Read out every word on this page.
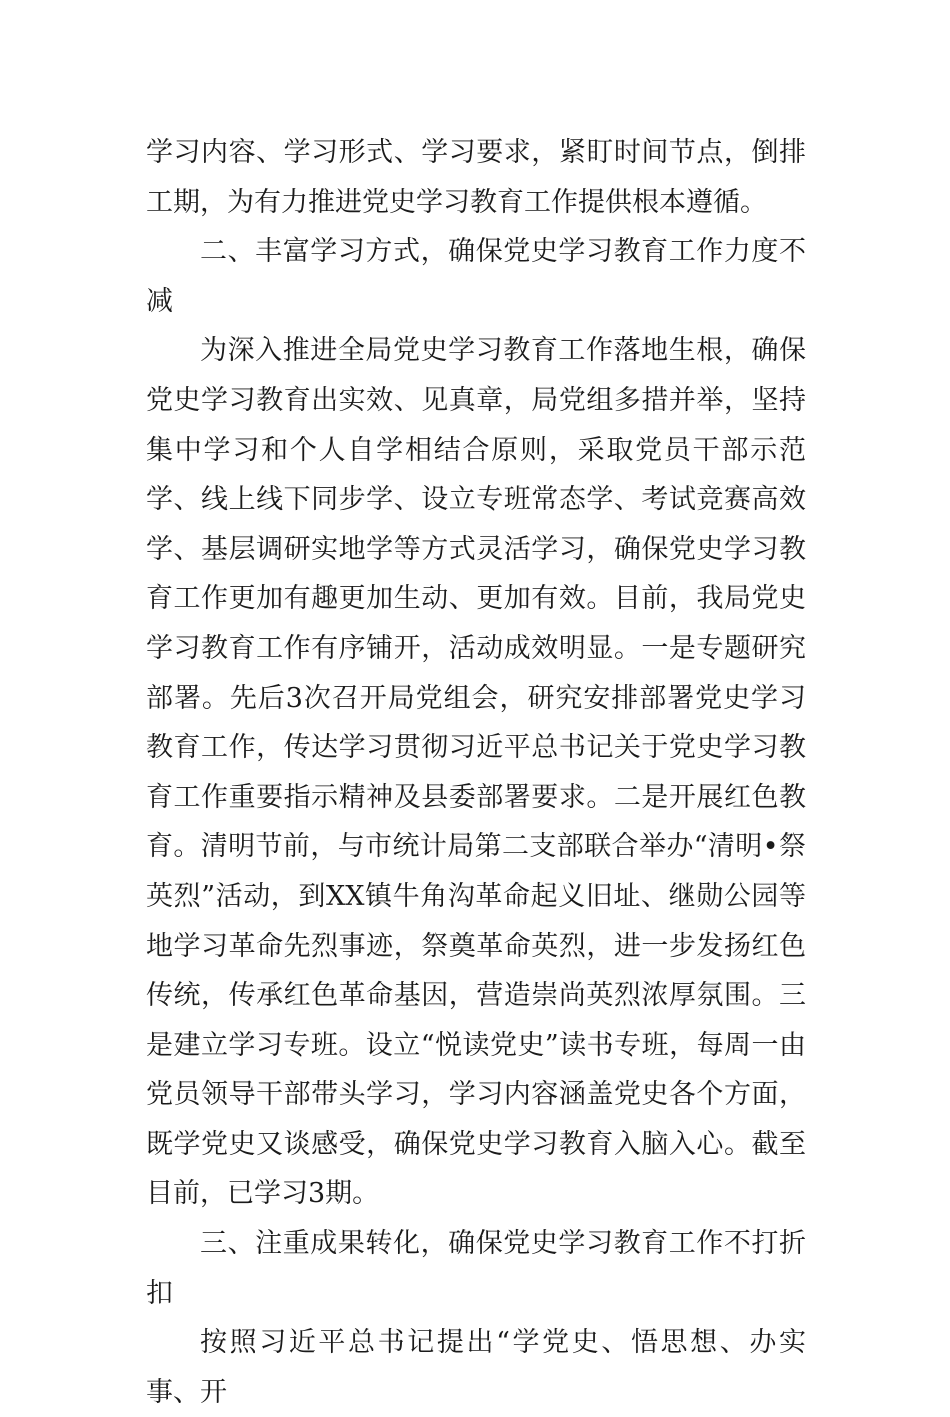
学习内容、学习形式、学习要求，紧盯时间节点，倒排工期，为有力推进党史学习教育工作提供根本遵循。

二、丰富学习方式，确保党史学习教育工作力度不减

为深入推进全局党史学习教育工作落地生根，确保党史学习教育出实效、见真章，局党组多措并举，坚持集中学习和个人自学相结合原则，采取党员干部示范学、线上线下同步学、设立专班常态学、考试竞赛高效学、基层调研实地学等方式灵活学习，确保党史学习教育工作更加有趣更加生动、更加有效。目前，我局党史学习教育工作有序铺开，活动成效明显。一是专题研究部署。先后3次召开局党组会，研究安排部署党史学习教育工作，传达学习贯彻习近平总书记关于党史学习教育工作重要指示精神及县委部署要求。二是开展红色教育。清明节前，与市统计局第二支部联合举办“清明•祭英烈”活动，到XX镇牛角沟革命起义旧址、继勋公园等地学习革命先烈事迹，祭奠革命英烈，进一步发扬红色传统，传承红色革命基因，营造崇尚英烈浓厚氛围。三是建立学习专班。设立“悦读党史”读书专班，每周一由党员领导干部带头学习，学习内容涵盖党史各个方面，既学党史又谈感受，确保党史学习教育入脑入心。截至目前，已学习3期。

三、注重成果转化，确保党史学习教育工作不打折扣

按照习近平总书记提出“学党史、悟思想、办实事、开
